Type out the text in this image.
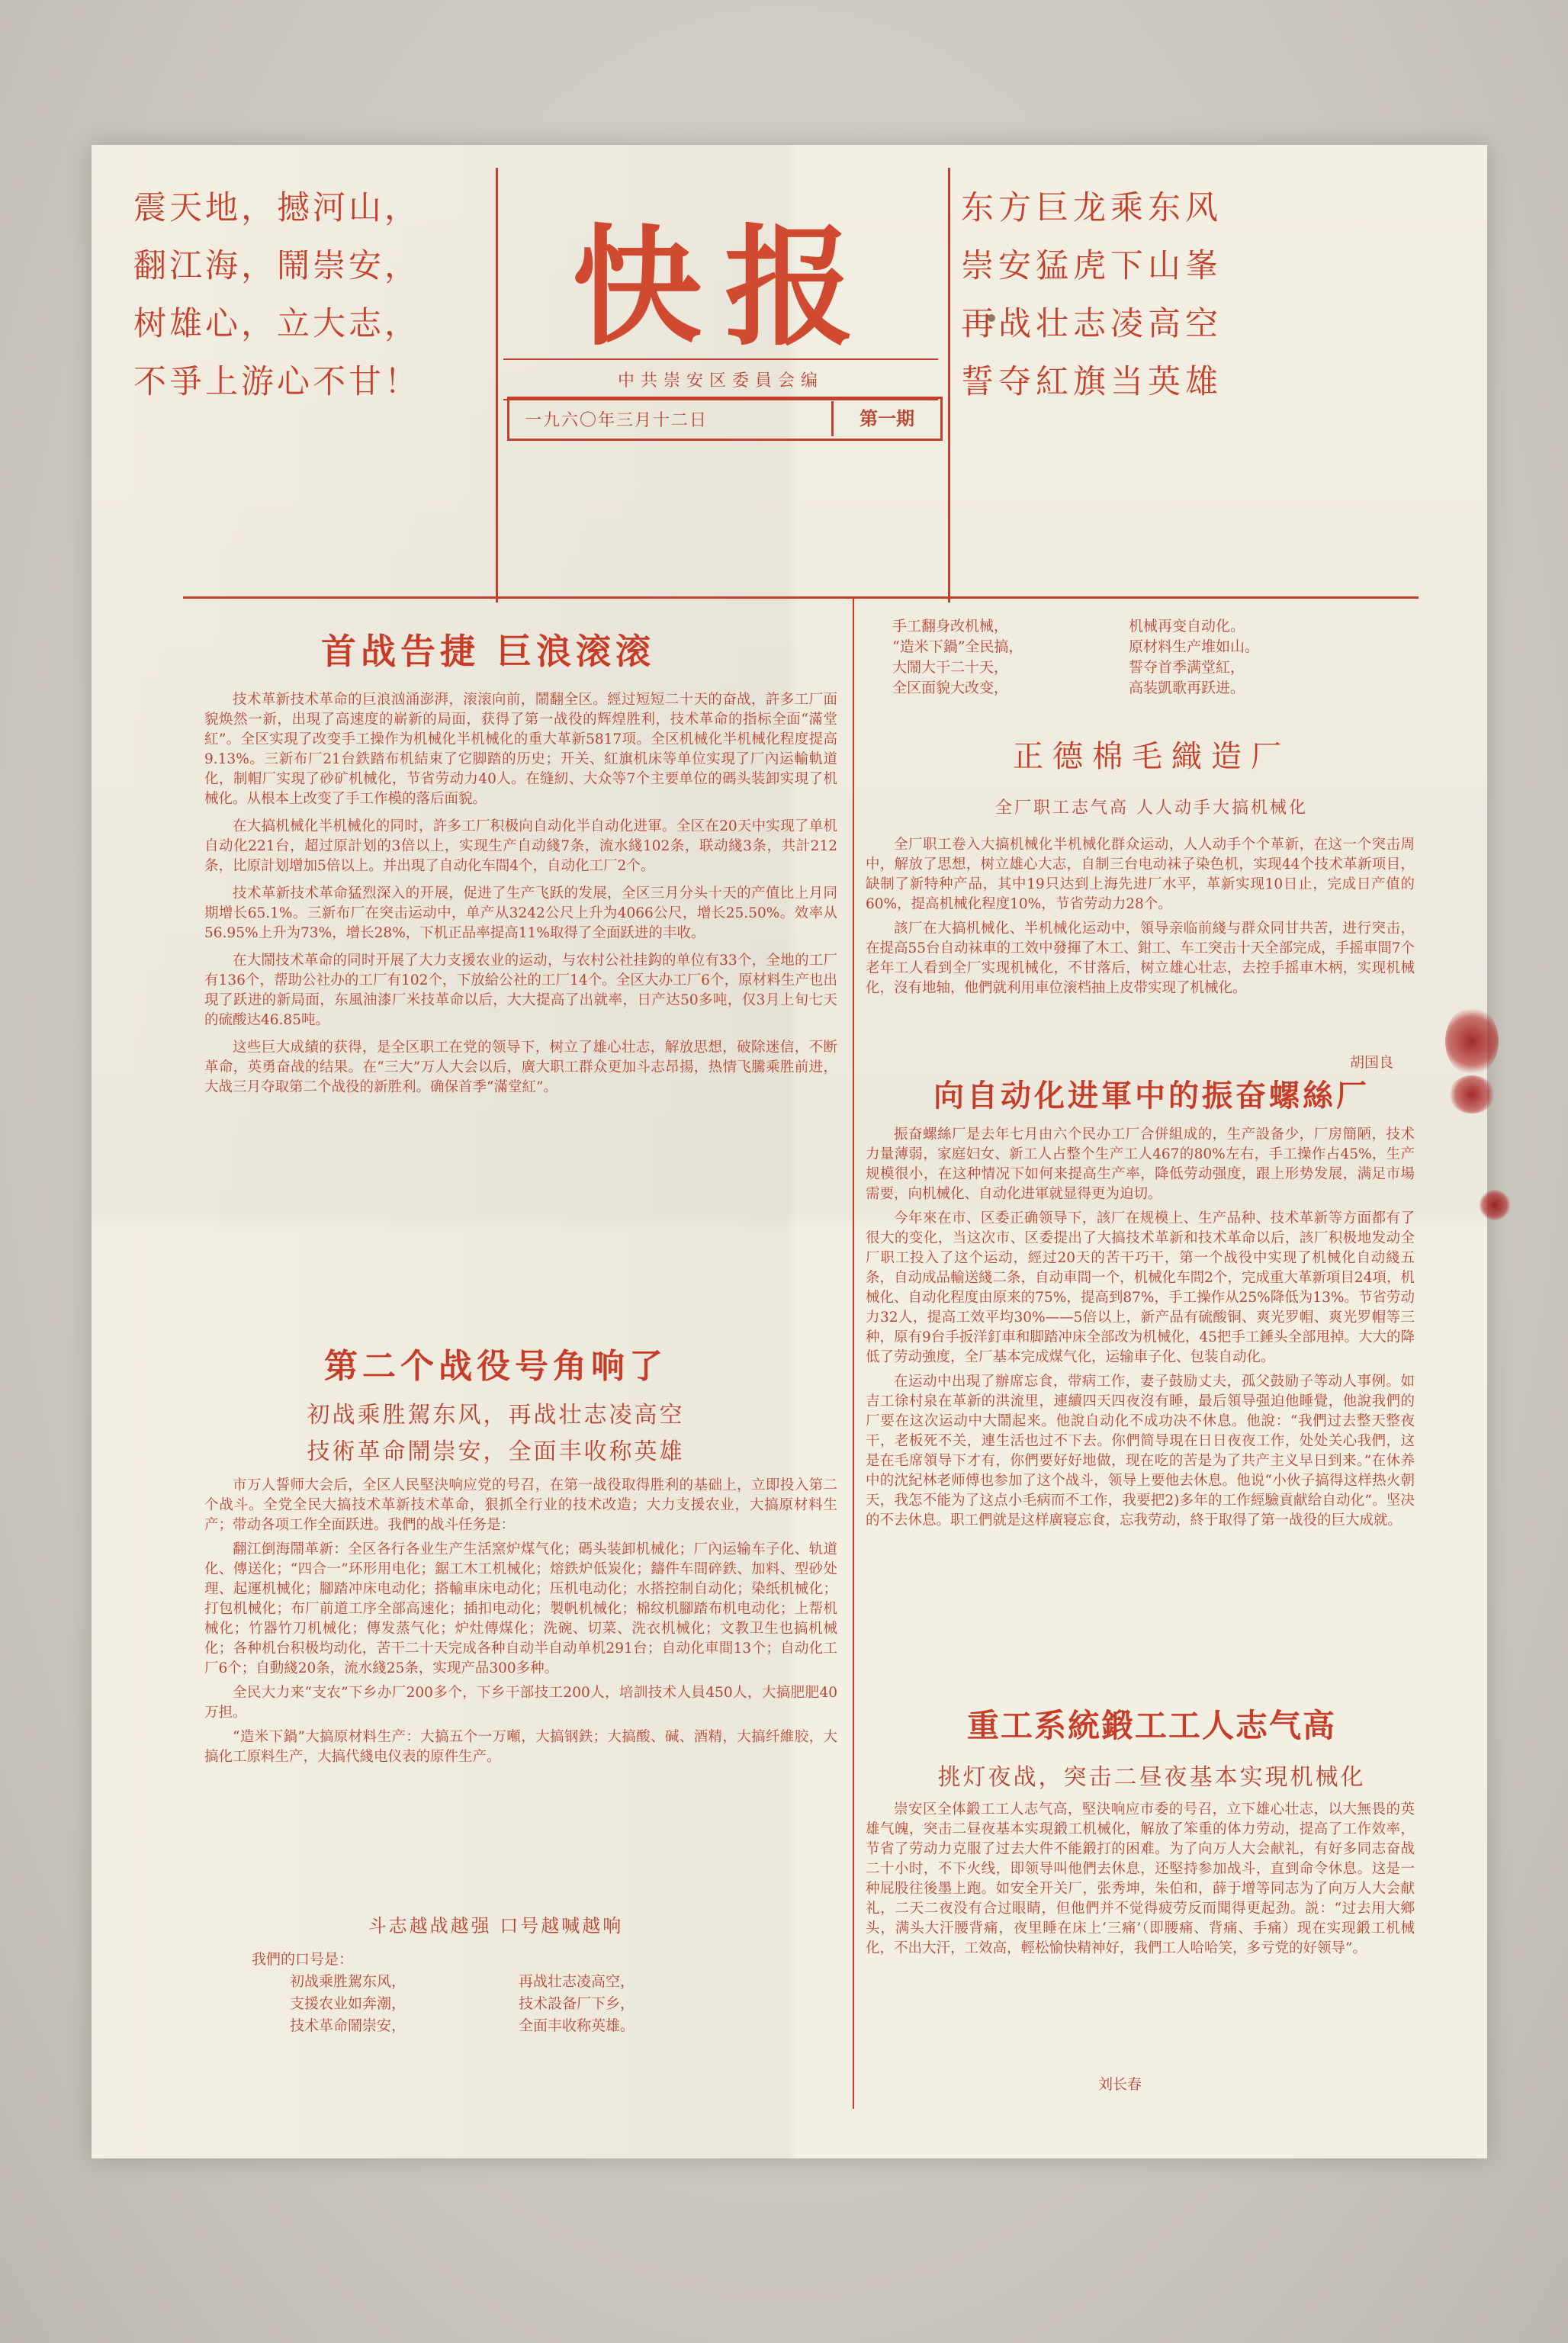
震天地，撼河山，
翻江海，鬧崇安，
树雄心，立大志，
不爭上游心不甘！
快报
中共崇安区委員会编
一九六〇年三月十二日	第一期
东方巨龙乘东风
崇安猛虎下山峯
再战壮志凌高空
誓夺紅旗当英雄
首战告捷 巨浪滚滚

技术革新技术革命的巨浪汹涌澎湃，滚滚向前，鬧翻全区。經过短短二十天的奋战，許多工厂面貌焕然一新，出現了高速度的嶄新的局面，获得了第一战役的辉煌胜利，技术革命的指标全面“滿堂紅”。全区实現了改变手工操作为机械化半机械化的重大革新5817项。全区机械化半机械化程度提高9.13%。三新布厂21台鉄踏布机結束了它脚踏的历史；开关、紅旗机床等单位实現了厂內运輸軌道化，制帽厂实現了砂矿机械化，节省劳动力40人。在缝紉、大众等7个主要单位的碼头装卸实現了机械化。从根本上改变了手工作模的落后面貌。

在大搞机械化半机械化的同时，許多工厂积极向自动化半自动化进軍。全区在20天中实现了单机自动化221台，超过原計划的3倍以上，实现生产自动綫7条，流水綫102条，联动綫3条，共計212条，比原計划增加5倍以上。并出現了自动化车間4个，自动化工厂2个。

技术革新技术革命猛烈深入的开展，促进了生产飞跃的发展，全区三月分头十天的产值比上月同期增长65.1%。三新布厂在突击运动中，单产从3242公尺上升为4066公尺，增长25.50%。效率从56.95%上升为73%，增长28%，下机正品率提高11%取得了全面跃进的丰收。

在大鬧技术革命的同时开展了大力支援农业的运动，与农村公社挂鈎的单位有33个，全地的工厂有136个，帮助公社办的工厂有102个，下放給公社的工厂14个。全区大办工厂6个，原材料生产也出現了跃进的新局面，东風油漆厂米技革命以后，大大提高了出就率，日产达50多吨，仅3月上旬七天的硫酸达46.85吨。

这些巨大成績的获得，是全区职工在党的领导下，树立了雄心壮志，解放思想，破除迷信，不断革命，英勇奋战的结果。在“三大”万人大会以后，廣大职工群众更加斗志昂揚，热情飞騰乘胜前进，大战三月夺取第二个战役的新胜利。确保首季“滿堂紅”。

第二个战役号角响了
初战乘胜駕东风，再战壮志凌高空
技術革命鬧崇安，全面丰收称英雄

市万人誓师大会后，全区人民堅決响应党的号召，在第一战役取得胜利的基础上，立即投入第二个战斗。全党全民大搞技术革新技术革命，狠抓全行业的技术改造；大力支援农业，大搞原材料生产；带动各项工作全面跃进。我們的战斗任务是：

翻江倒海鬧革新：全区各行各业生产生活窯炉煤气化；碼头装卸机械化；厂內运输车子化、轨道化、傳送化；“四合一”环形用电化；鋸工木工机械化；熔鉄炉低炭化；鑄件车間碎鉄、加料、型砂处理、起運机械化；腳踏冲床电动化；搭輸車床电动化；压机电动化；水搭控制自动化；染纸机械化；打包机械化；布厂前道工序全部高速化；插扣电动化；製帆机械化；棉纹机腳踏布机电动化；上帮机械化；竹器竹刀机械化；傳发蒸气化；炉灶傳煤化；洗碗、切菜、洗衣机械化；文教卫生也搞机械化；各种机台积极均动化，苦干二十天完成各种自动半自动单机291台；自动化車間13个；自动化工厂6个；自動綫20条，流水綫25条，实现产品300多种。

全民大力来“支农”下乡办厂200多个，下乡干部技工200人，培訓技术人員450人，大搞肥肥40万担。

“造米下鍋”大搞原材料生产：大搞五个一万噸，大搞钢鉄；大搞酸、碱、酒精，大搞纤維胶，大搞化工原料生产，大搞代綫电仪表的原件生产。

斗志越战越强 口号越喊越响
我們的口号是：
初战乘胜駕东风，	再战壮志凌高空，
支援农业如奔潮，	技术設备厂下乡，
技术革命鬧崇安，	全面丰收称英雄。
手工翻身改机械，	机械再变自动化。
“造米下鍋”全民搞，	原材料生产堆如山。
大鬧大干二十天，	誓夺首季满堂紅，
全区面貌大改变，	高装凱歌再跃进。
正德棉毛織造厂
全厂职工志气高 人人动手大搞机械化

全厂职工卷入大搞机械化半机械化群众运动，人人动手个个革新，在这一个突击周中，解放了思想，树立雄心大志，自制三台电动袜子染色机，实现44个技术革新项目，缺制了新特种产品，其中19只达到上海先进厂水平，革新实现10日止，完成日产值的60%，提高机械化程度10%，节省劳动力28个。

該厂在大搞机械化、半机械化运动中，領导亲临前綫与群众同甘共苦，进行突击，在提高55台自动袜車的工效中發揮了木工、鉗工、车工突击十天全部完成，手摇車間7个老年工人看到全厂实现机械化，不甘落后，树立雄心壮志，去控手摇車木柄，实现机械化，沒有地轴，他們就利用車位滚档抽上皮带实现了机械化。

胡国良
向自动化进軍中的振奋螺絲厂

振奋螺絲厂是去年七月由六个民办工厂合併組成的，生产設备少，厂房簡陋，技术力量薄弱，家庭妇女、新工人占整个生产工人467的80%左右，手工操作占45%，生产规模很小，在这种情况下如何来提高生产率，降低劳动强度，跟上形势发展，满足市場需要，向机械化、自动化进軍就显得更为迫切。

今年來在市、区委正确领导下，該厂在规模上、生产品种、技术革新等方面都有了很大的变化，当这次市、区委提出了大搞技术革新和技术革命以后，該厂积极地发动全厂职工投入了这个运动，經过20天的苦干巧干，第一个战役中实现了机械化自动綫五条，自动成品輸送綫二条，自动車間一个，机械化车間2个，完成重大革新項目24項，机械化、自动化程度由原来的75%，提高到87%，手工操作从25%降低为13%。节省劳动力32人，提高工效平均30%——5倍以上，新产品有硫酸铜、爽光罗帽、爽光罗帽等三种，原有9台手扳洋釘車和脚踏冲床全部改为机械化，45把手工錘头全部甩掉。大大的降低了劳动強度，全厂基本完成煤气化，运输車子化、包装自动化。

在运动中出現了辦席忘食，带病工作，妻子鼓励丈夫，孤父鼓励子等动人事例。如吉工徐村泉在革新的洪流里，連續四天四夜沒有睡，最后領导强迫他睡覺，他說我們的厂要在这次运动中大鬧起来。他說自动化不成功决不休息。他說：“我們过去整天整夜干，老板死不关，連生活也过不下去。你們简导現在日日夜夜工作，处处关心我們，这是在毛席領导下才有，你們要好好地做，现在吃的苦是为了共产主义早日到来。”在休养中的沈紀林老师傅也参加了这个战斗，领导上要他去休息。他说“小伙子搞得这样热火朝天，我怎不能为了这点小毛病而不工作，我要把2)多年的工作經驗貢献给自动化”。坚决的不去休息。职工們就是这样廣寝忘食，忘我劳动，終于取得了第一战役的巨大成就。

重工系統鍛工工人志气高
挑灯夜战，突击二昼夜基本实現机械化

崇安区全体鍛工工人志气高，堅決响应市委的号召，立下雄心壮志，以大無畏的英雄气魄，突击二昼夜基本实現鍛工机械化，解放了笨重的体力劳动，提高了工作效率，节省了劳动力克服了过去大件不能鍛打的困难。为了向万人大会献礼，有好多同志奋战二十小时，不下火线，即领导叫他們去休息，还堅持参加战斗，直到命令休息。这是一种屁股往後墨上跑。如安全开关厂，张秀坤，朱伯和，薛于增等同志为了向万人大会献礼，二天二夜没有合过眼睛，但他們并不觉得疲劳反而聞得更起劲。説：“过去用大鄉头，满头大汗腰背痛，夜里睡在床上‘三痛’（即腰痛、背痛、手痛）现在实现鍛工机械化，不出大汗，工效高，輕松愉快精神好，我們工人哈哈笑，多亏党的好领导”。

刘长春
